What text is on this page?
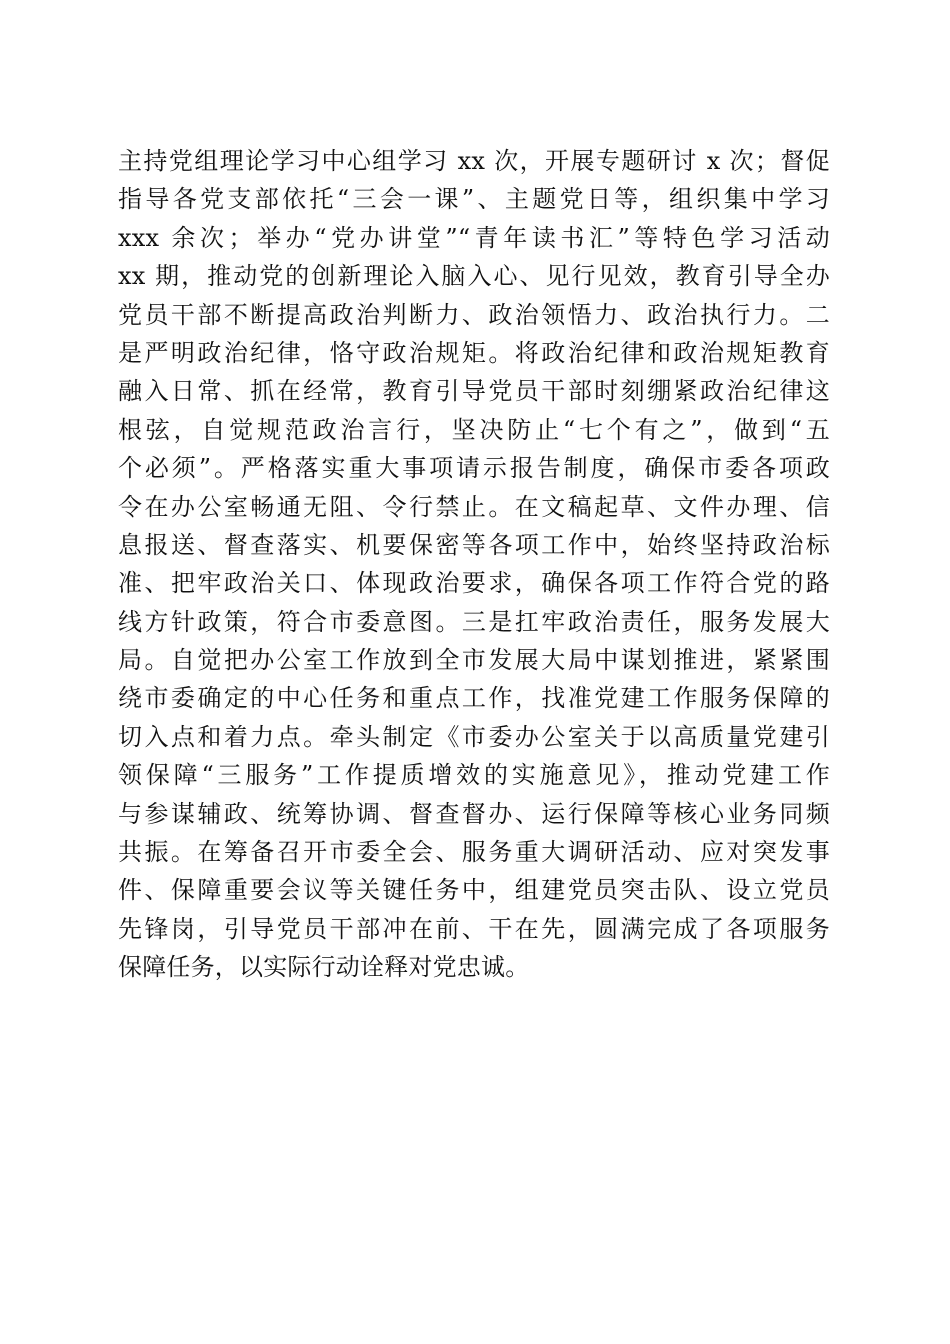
主持党组理论学习中心组学习 xx 次，开展专题研讨 x 次；督促
指导各党支部依托“三会一课”、主题党日等，组织集中学习
xxx 余次；举办“党办讲堂”“青年读书汇”等特色学习活动
xx 期，推动党的创新理论入脑入心、见行见效，教育引导全办
党员干部不断提高政治判断力、政治领悟力、政治执行力。二
是严明政治纪律，恪守政治规矩。将政治纪律和政治规矩教育
融入日常、抓在经常，教育引导党员干部时刻绷紧政治纪律这
根弦，自觉规范政治言行，坚决防止“七个有之”，做到“五
个必须”。严格落实重大事项请示报告制度，确保市委各项政
令在办公室畅通无阻、令行禁止。在文稿起草、文件办理、信
息报送、督查落实、机要保密等各项工作中，始终坚持政治标
准、把牢政治关口、体现政治要求，确保各项工作符合党的路
线方针政策，符合市委意图。三是扛牢政治责任，服务发展大
局。自觉把办公室工作放到全市发展大局中谋划推进，紧紧围
绕市委确定的中心任务和重点工作，找准党建工作服务保障的
切入点和着力点。牵头制定《市委办公室关于以高质量党建引
领保障“三服务”工作提质增效的实施意见》，推动党建工作
与参谋辅政、统筹协调、督查督办、运行保障等核心业务同频
共振。在筹备召开市委全会、服务重大调研活动、应对突发事
件、保障重要会议等关键任务中，组建党员突击队、设立党员
先锋岗，引导党员干部冲在前、干在先，圆满完成了各项服务
保障任务，以实际行动诠释对党忠诚。
